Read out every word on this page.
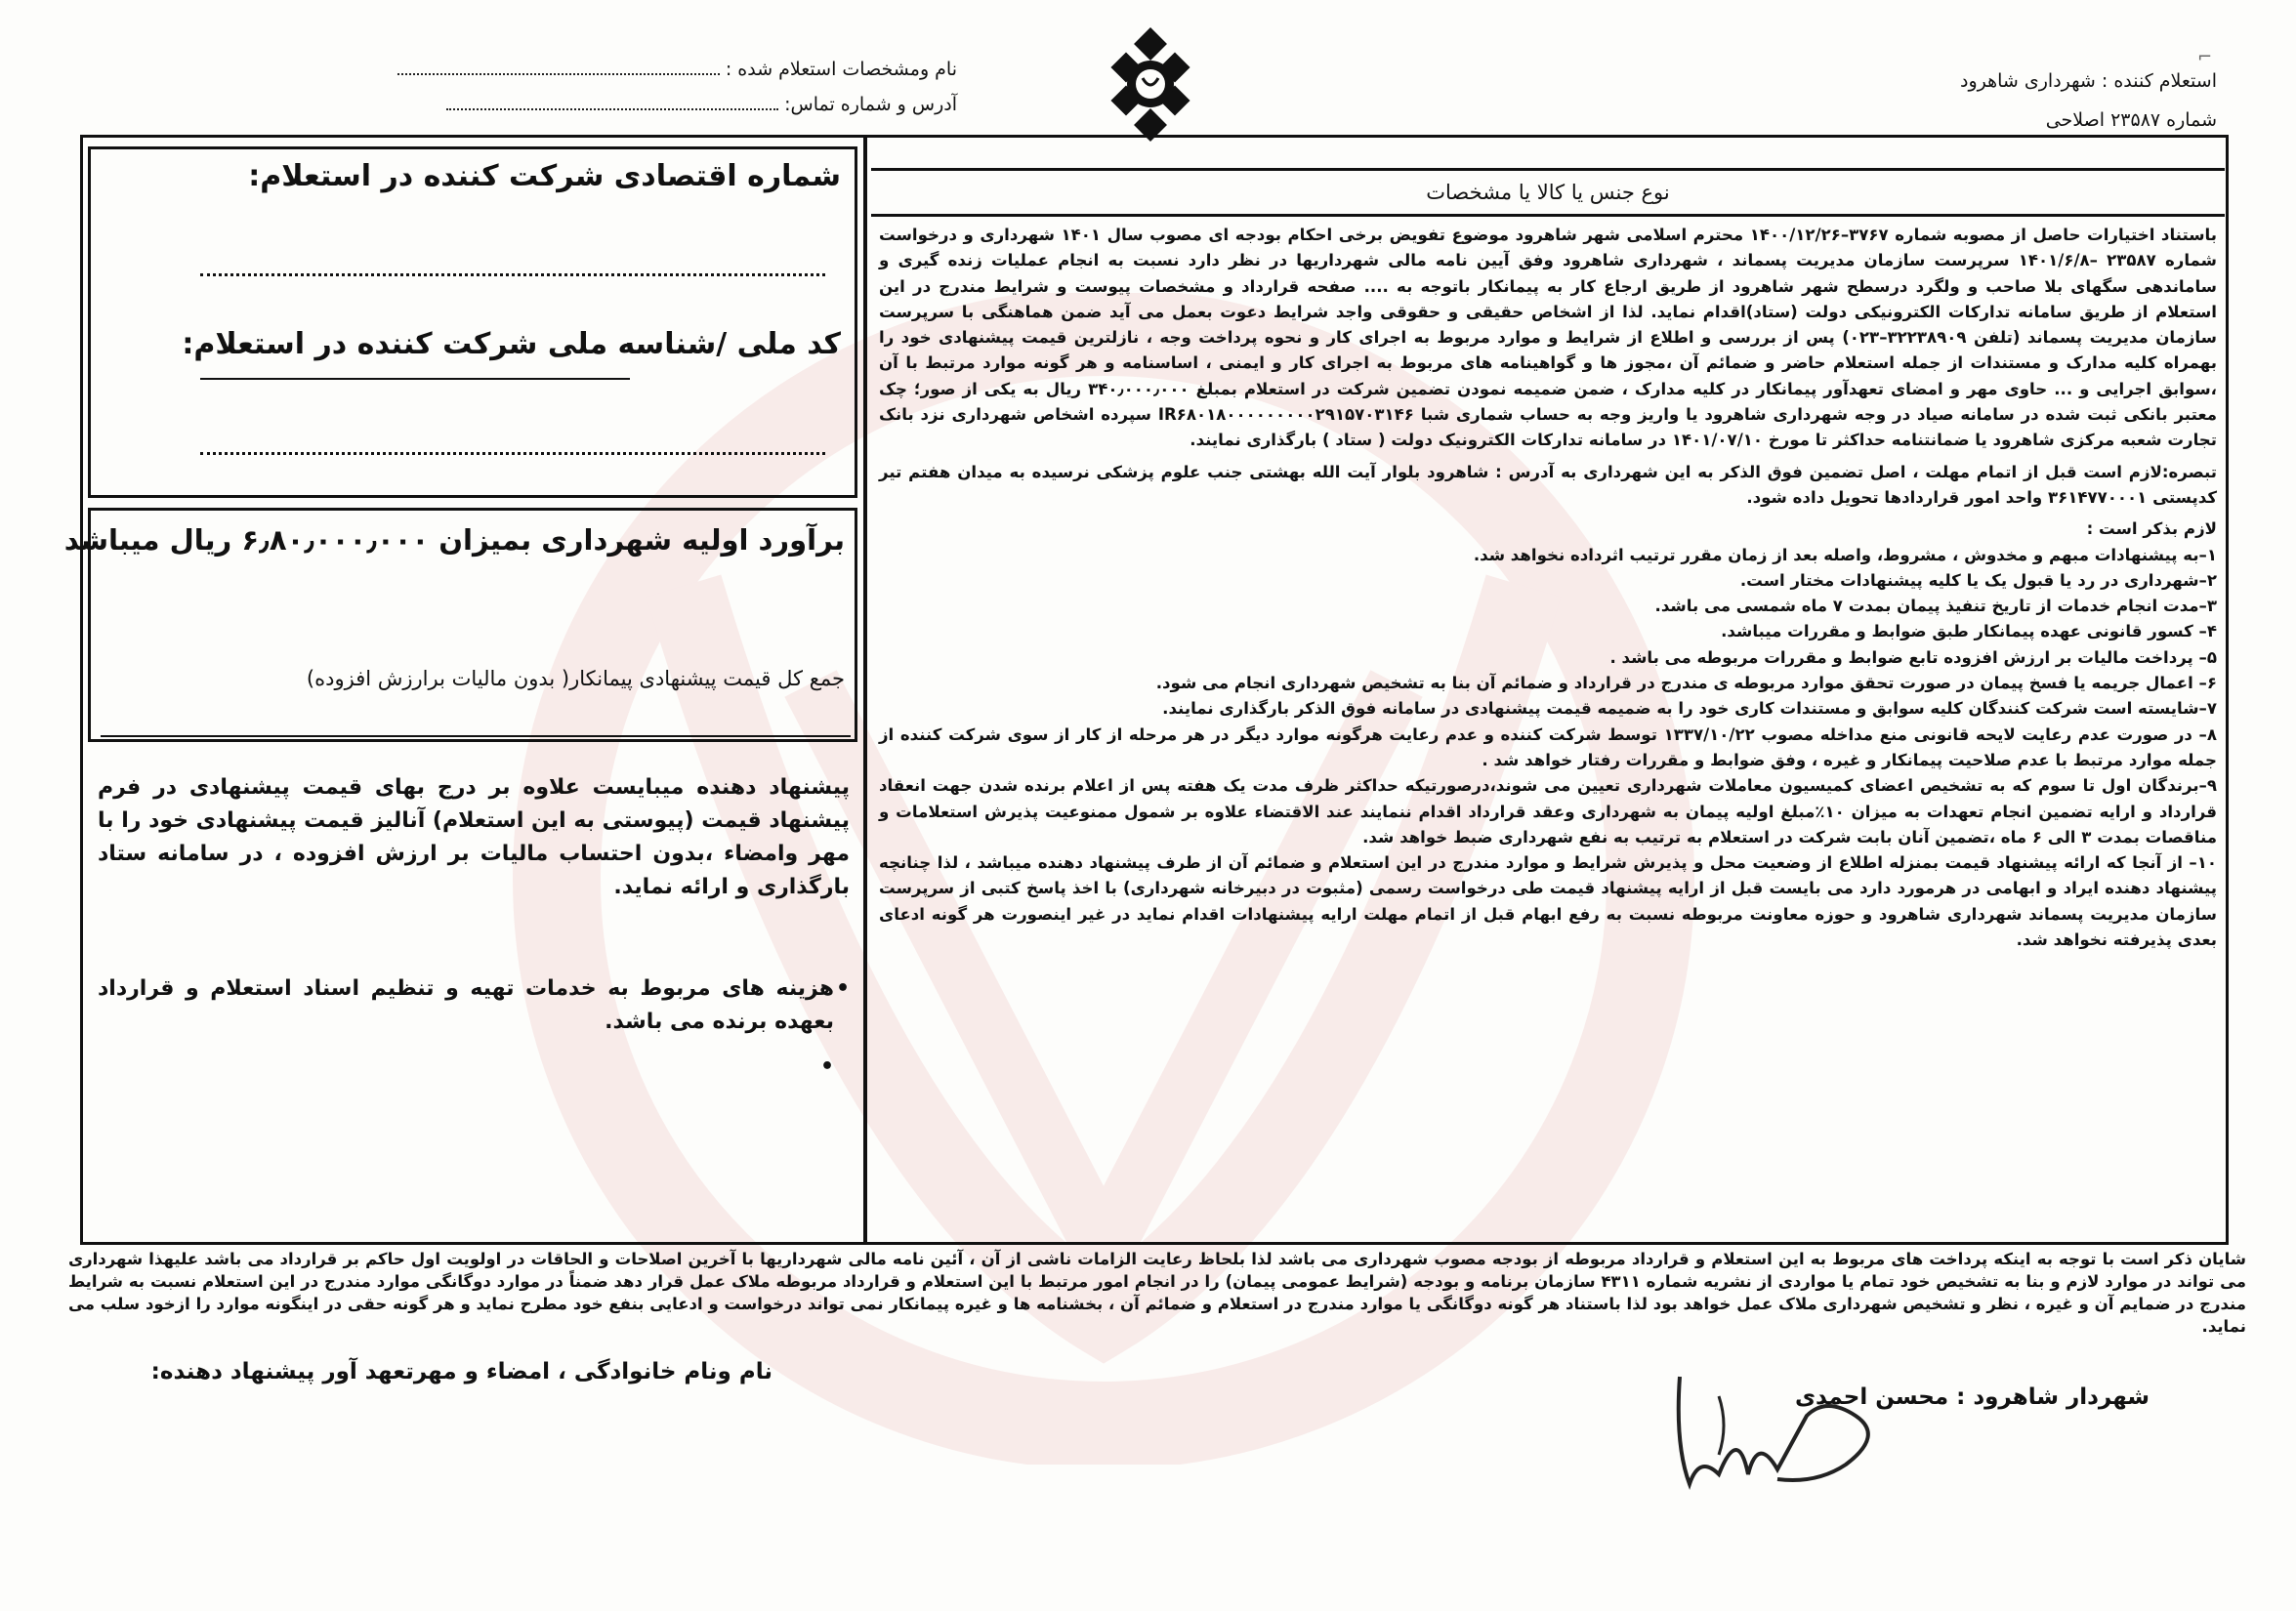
استعلام کننده : شهرداری شاهرود
شماره ۲۳۵۸۷ اصلاحی
نام ومشخصات استعلام شده :
آدرس و شماره تماس:
⌐
نوع جنس یا کالا یا مشخصات
شماره اقتصادی شرکت کننده در استعلام:
کد ملی /شناسه ملی شرکت کننده در استعلام:
برآورد اولیه شهرداری بمیزان ۶٫۸۰٫۰۰۰٫۰۰۰ ریال میباشد
جمع کل قیمت پیشنهادی پیمانکار( بدون مالیات برارزش افزوده)
پیشنهاد دهنده میبایست علاوه بر درج بهای قیمت پیشنهادی در فرم پیشنهاد قیمت (پیوستی به این استعلام) آنالیز قیمت پیشنهادی خود را با مهر وامضاء ،بدون احتساب مالیات بر ارزش افزوده ، در سامانه ستاد بارگذاری و ارائه نماید.
•
هزینه های مربوط به خدمات تهیه و تنظیم اسناد استعلام و قرارداد بعهده برنده می باشد.
•

باستناد اختیارات حاصل از مصوبه شماره ۳۷۶۷–۱۴۰۰/۱۲/۲۶ محترم اسلامی شهر شاهرود موضوع تفویض برخی احکام بودجه ای مصوب سال ۱۴۰۱ شهرداری و درخواست شماره ۲۳۵۸۷ –۱۴۰۱/۶/۸ سرپرست سازمان مدیریت پسماند ، شهرداری شاهرود وفق آیین نامه مالی شهرداریها در نظر دارد نسبت به انجام عملیات زنده گیری و ساماندهی سگهای بلا صاحب و ولگرد درسطح شهر شاهرود از طریق ارجاع کار به پیمانکار باتوجه به .... صفحه قرارداد و مشخصات پیوست و شرایط مندرج در این استعلام از طریق سامانه تدارکات الکترونیکی دولت (ستاد)اقدام نماید. لذا از اشخاص حقیقی و حقوقی واجد شرایط دعوت بعمل می آید ضمن هماهنگی با سرپرست سازمان مدیریت پسماند (تلفن ۳۲۲۳۸۹۰۹–۰۲۳) پس از بررسی و اطلاع از شرایط و موارد مربوط به اجرای کار و نحوه پرداخت وجه ، نازلترین قیمت پیشنهادی خود را بهمراه کلیه مدارک و مستندات از جمله استعلام حاضر و ضمائم آن ،مجوز ها و گواهینامه های مربوط به اجرای کار و ایمنی ، اساسنامه و هر گونه موارد مرتبط با آن ،سوابق اجرایی و ... حاوی مهر و امضای تعهدآور پیمانکار در کلیه مدارک ، ضمن ضمیمه نمودن تضمین شرکت در استعلام بمبلغ ۳۴۰٫۰۰۰٫۰۰۰ ریال به یکی از صور؛ چک معتبر بانکی ثبت شده در سامانه صیاد در وجه شهرداری شاهرود یا واریز وجه به حساب شمارى شبا IR۶۸۰۱۸۰۰۰۰۰۰۰۰۰۲۹۱۵۷۰۳۱۴۶ سپرده اشخاص شهرداری نزد بانک تجارت شعبه مرکزی شاهرود یا ضمانتنامه حداکثر تا مورخ ۱۴۰۱/۰۷/۱۰ در سامانه تدارکات الکترونیک دولت ( ستاد ) بارگذاری نمایند.

تبصره:لازم است قبل از اتمام مهلت ، اصل تضمین فوق الذکر به این شهرداری به آدرس : شاهرود بلوار آیت الله بهشتی جنب علوم پزشکی نرسیده به میدان هفتم تیر کدپستی ۳۶۱۴۷۷۰۰۰۱ واحد امور قراردادها تحویل داده شود.

لازم بذکر است :

۱–به پیشنهادات مبهم و مخدوش ، مشروط، واصله بعد از زمان مقرر ترتیب اثرداده نخواهد شد.

۲–شهرداری در رد یا قبول یک یا کلیه پیشنهادات مختار است.

۳–مدت انجام خدمات از تاریخ تنفیذ پیمان بمدت ۷ ماه شمسی می باشد.

۴– کسور قانونی عهده پیمانکار طبق ضوابط و مقررات میباشد.

۵– پرداخت مالیات بر ارزش افزوده تابع ضوابط و مقررات مربوطه می باشد .

۶– اعمال جریمه یا فسخ پیمان در صورت تحقق موارد مربوطه ی مندرج در قرارداد و ضمائم آن بنا به تشخیص شهرداری انجام می شود.

۷–شایسته است شرکت کنندگان کلیه سوابق و مستندات کاری خود را به ضمیمه قیمت پیشنهادی در سامانه فوق الذکر بارگذاری نمایند.

۸– در صورت عدم رعایت لایحه قانونی منع مداخله مصوب ۱۳۳۷/۱۰/۲۲ توسط شرکت کننده و عدم رعایت هرگونه موارد دیگر در هر مرحله از کار از سوی شرکت کننده از جمله موارد مرتبط با عدم صلاحیت پیمانکار و غیره ، وفق ضوابط و مقررات رفتار خواهد شد .

۹–برندگان اول تا سوم که به تشخیص اعضای کمیسیون معاملات شهرداری تعیین می شوند،درصورتیکه حداکثر ظرف مدت یک هفته پس از اعلام برنده شدن جهت انعقاد قرارداد و ارایه تضمین انجام تعهدات به میزان ۱۰٪مبلغ اولیه پیمان به شهرداری وعقد قرارداد اقدام ننمایند عند الاقتضاء علاوه بر شمول ممنوعیت پذیرش استعلامات و مناقصات بمدت ۳ الی ۶ ماه ،تضمین آنان بابت شرکت در استعلام به ترتیب به نفع شهرداری ضبط خواهد شد.

۱۰– از آنجا که ارائه پیشنهاد قیمت بمنزله اطلاع از وضعیت محل و پذیرش شرایط و موارد مندرج در این استعلام و ضمائم آن از طرف پیشنهاد دهنده میباشد ، لذا چنانچه پیشنهاد دهنده ایراد و ابهامی در هرمورد دارد می بایست قبل از ارایه پیشنهاد قیمت طی درخواست رسمی (مثبوت در دبیرخانه شهرداری) با اخذ پاسخ کتبی از سرپرست سازمان مدیریت پسماند شهرداری شاهرود و حوزه معاونت مربوطه نسبت به رفع ابهام قبل از اتمام مهلت ارایه پیشنهادات اقدام نماید در غیر اینصورت هر گونه ادعای بعدی پذیرفته نخواهد شد.

شایان ذکر است با توجه به اینکه پرداخت های مربوط به این استعلام و قرارداد مربوطه از بودجه مصوب شهرداری می باشد لذا بلحاظ رعایت الزامات ناشی از آن ، آئین نامه مالی شهرداریها با آخرین اصلاحات و الحاقات در اولویت اول حاکم بر قرارداد می باشد علیهذا شهرداری می تواند در موارد لازم و بنا به تشخیص خود تمام یا مواردی از نشریه شماره ۴۳۱۱ سازمان برنامه و بودجه (شرایط عمومی پیمان) را در انجام امور مرتبط با این استعلام و قرارداد مربوطه ملاک عمل قرار دهد ضمناً در موارد دوگانگی موارد مندرج در این استعلام نسبت به شرایط مندرج در ضمایم آن و غیره ، نظر و تشخیص شهرداری ملاک عمل خواهد بود لذا باستناد هر گونه دوگانگی یا موارد مندرج در استعلام و ضمائم آن ، بخشنامه ها و غیره پیمانکار نمی تواند درخواست و ادعایی بنفع خود مطرح نماید و هر گونه حقی در اینگونه موارد را ازخود سلب می نماید.
نام ونام خانوادگی ، امضاء و مهرتعهد آور پیشنهاد دهنده:
شهردار شاهرود : محسن احمدی
